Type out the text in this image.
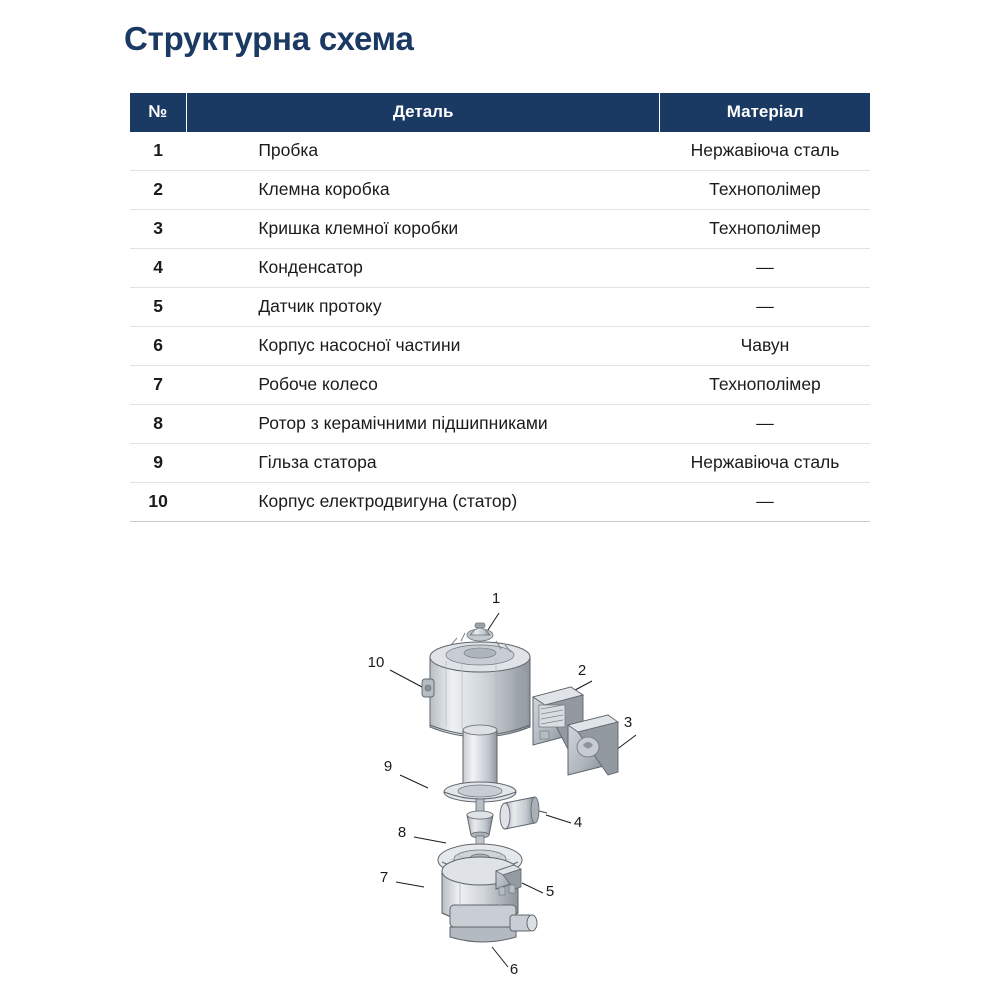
Структурна схема
№	Деталь	Матеріал
1	Пробка	Нержавіюча сталь
2	Клемна коробка	Технополімер
3	Кришка клемної коробки	Технополімер
4	Конденсатор	—
5	Датчик протоку	—
6	Корпус насосної частини	Чавун
7	Робоче колесо	Технополімер
8	Ротор з керамічними підшипниками	—
9	Гільза статора	Нержавіюча сталь
10	Корпус електродвигуна (статор)	—
1
10	2
3
9
4
8
7
5
6
